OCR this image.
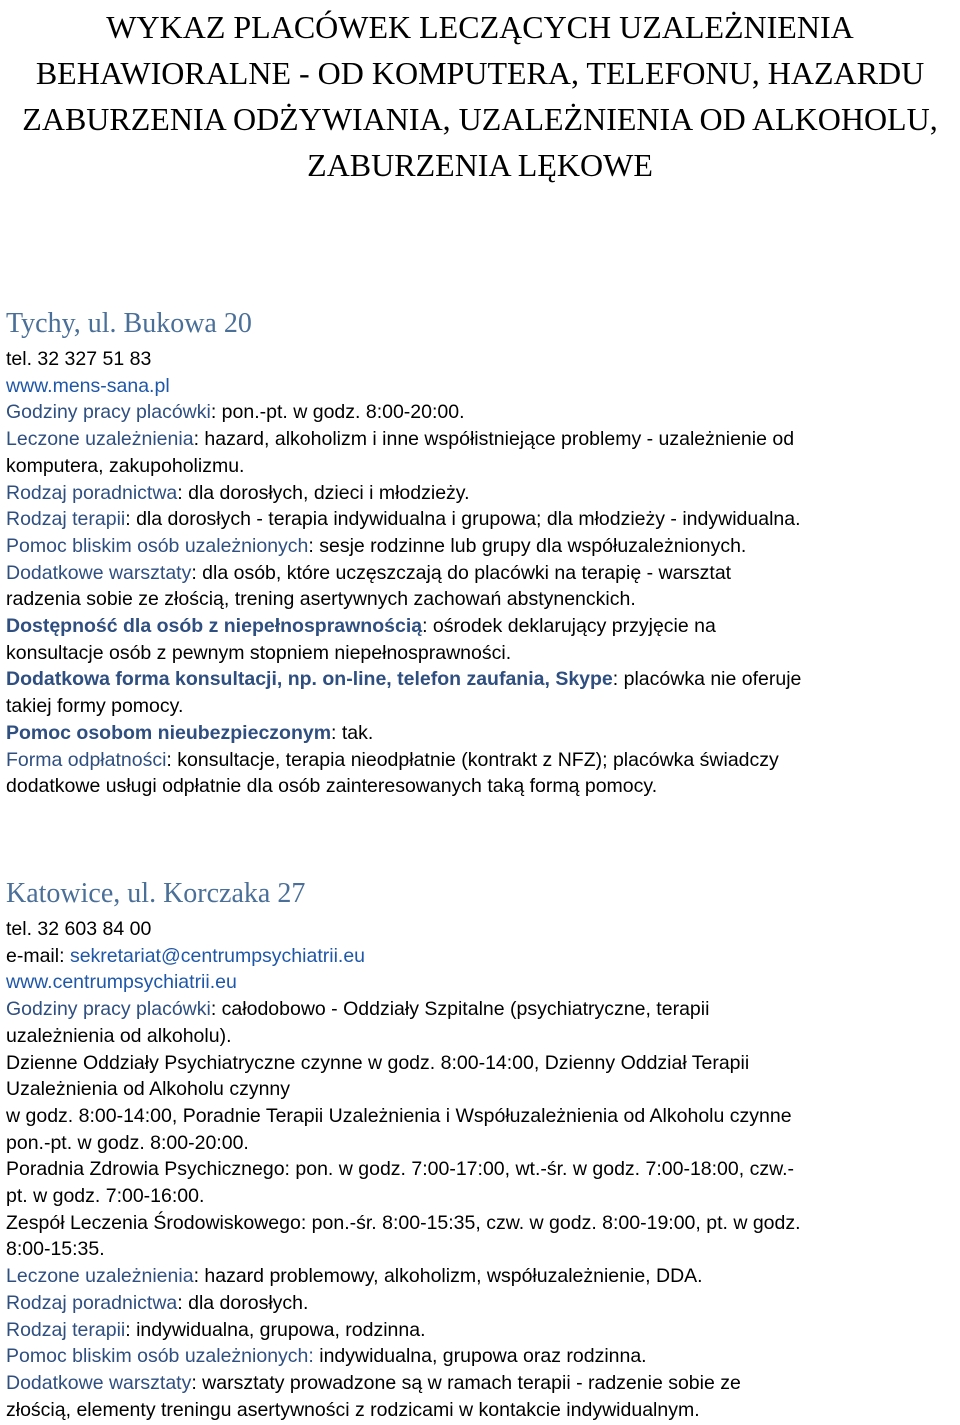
WYKAZ PLACÓWEK LECZĄCYCH UZALEŻNIENIA
BEHAWIORALNE - OD KOMPUTERA, TELEFONU, HAZARDU
ZABURZENIA ODŻYWIANIA, UZALEŻNIENIA OD ALKOHOLU,
ZABURZENIA LĘKOWE
Tychy, ul. Bukowa 20

tel. 32 327 51 83

www.mens-sana.pl

Godziny pracy placówki: pon.-pt. w godz. 8:00-20:00.

Leczone uzależnienia: hazard, alkoholizm i inne współistniejące problemy - uzależnienie od

komputera, zakupoholizmu.

Rodzaj poradnictwa: dla dorosłych, dzieci i młodzieży.

Rodzaj terapii: dla dorosłych - terapia indywidualna i grupowa; dla młodzieży - indywidualna.

Pomoc bliskim osób uzależnionych: sesje rodzinne lub grupy dla współuzależnionych.

Dodatkowe warsztaty: dla osób, które uczęszczają do placówki na terapię - warsztat

radzenia sobie ze złością, trening asertywnych zachowań abstynenckich.

Dostępność dla osób z niepełnosprawnością: ośrodek deklarujący przyjęcie na

konsultacje osób z pewnym stopniem niepełnosprawności.

Dodatkowa forma konsultacji, np. on-line, telefon zaufania, Skype: placówka nie oferuje

takiej formy pomocy.

Pomoc osobom nieubezpieczonym: tak.

Forma odpłatności: konsultacje, terapia nieodpłatnie (kontrakt z NFZ); placówka świadczy

dodatkowe usługi odpłatnie dla osób zainteresowanych taką formą pomocy.

Katowice, ul. Korczaka 27

tel. 32 603 84 00

e-mail: sekretariat@centrumpsychiatrii.eu

www.centrumpsychiatrii.eu

Godziny pracy placówki: całodobowo - Oddziały Szpitalne (psychiatryczne, terapii

uzależnienia od alkoholu).

Dzienne Oddziały Psychiatryczne czynne w godz. 8:00-14:00, Dzienny Oddział Terapii

Uzależnienia od Alkoholu czynny

w godz. 8:00-14:00, Poradnie Terapii Uzależnienia i Współuzależnienia od Alkoholu czynne

pon.-pt. w godz. 8:00-20:00.

Poradnia Zdrowia Psychicznego: pon. w godz. 7:00-17:00, wt.-śr. w godz. 7:00-18:00, czw.-

pt. w godz. 7:00-16:00.

Zespół Leczenia Środowiskowego: pon.-śr. 8:00-15:35, czw. w godz. 8:00-19:00, pt. w godz.

8:00-15:35.

Leczone uzależnienia: hazard problemowy, alkoholizm, współuzależnienie, DDA.

Rodzaj poradnictwa: dla dorosłych.

Rodzaj terapii: indywidualna, grupowa, rodzinna.

Pomoc bliskim osób uzależnionych: indywidualna, grupowa oraz rodzinna.

Dodatkowe warsztaty: warsztaty prowadzone są w ramach terapii - radzenie sobie ze

złością, elementy treningu asertywności z rodzicami w kontakcie indywidualnym.
